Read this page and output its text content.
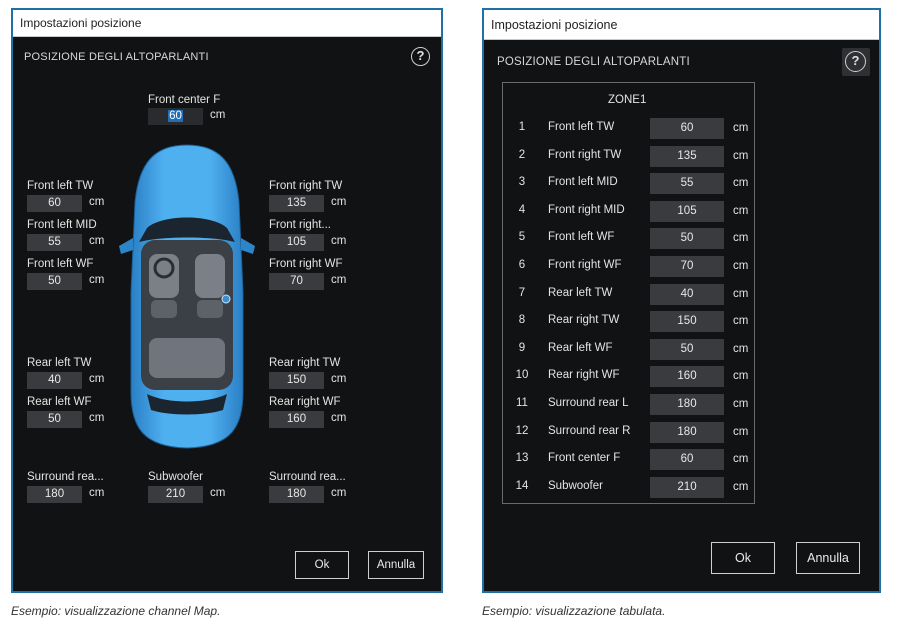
Impostazioni posizione
POSIZIONE DEGLI ALTOPARLANTI	?
Front center F
60	cm
Front left TW
60	cm
Front left MID
55	cm
Front left WF
50	cm
Rear left TW
40	cm
Rear left WF
50	cm
Front right TW
135	cm
Front right...
105	cm
Front right WF
70	cm
Rear right TW
150	cm
Rear right WF
160	cm
Surround rea...
180	cm
Subwoofer
210	cm
Surround rea...
180	cm
Ok	Annulla
Esempio: visualizzazione channel Map.
Impostazioni posizione
POSIZIONE DEGLI ALTOPARLANTI	?
ZONE1
1	Front left TW	60	cm
2	Front right TW	135	cm
3	Front left MID	55	cm
4	Front right MID	105	cm
5	Front left WF	50	cm
6	Front right WF	70	cm
7	Rear left TW	40	cm
8	Rear right TW	150	cm
9	Rear left WF	50	cm
10 Rear right WF	160	cm
11 Surround rear L	180	cm
12 Surround rear R	180	cm
13 Front center F	60	cm
14 Subwoofer	210	cm
Ok	Annulla
Esempio: visualizzazione tabulata.
